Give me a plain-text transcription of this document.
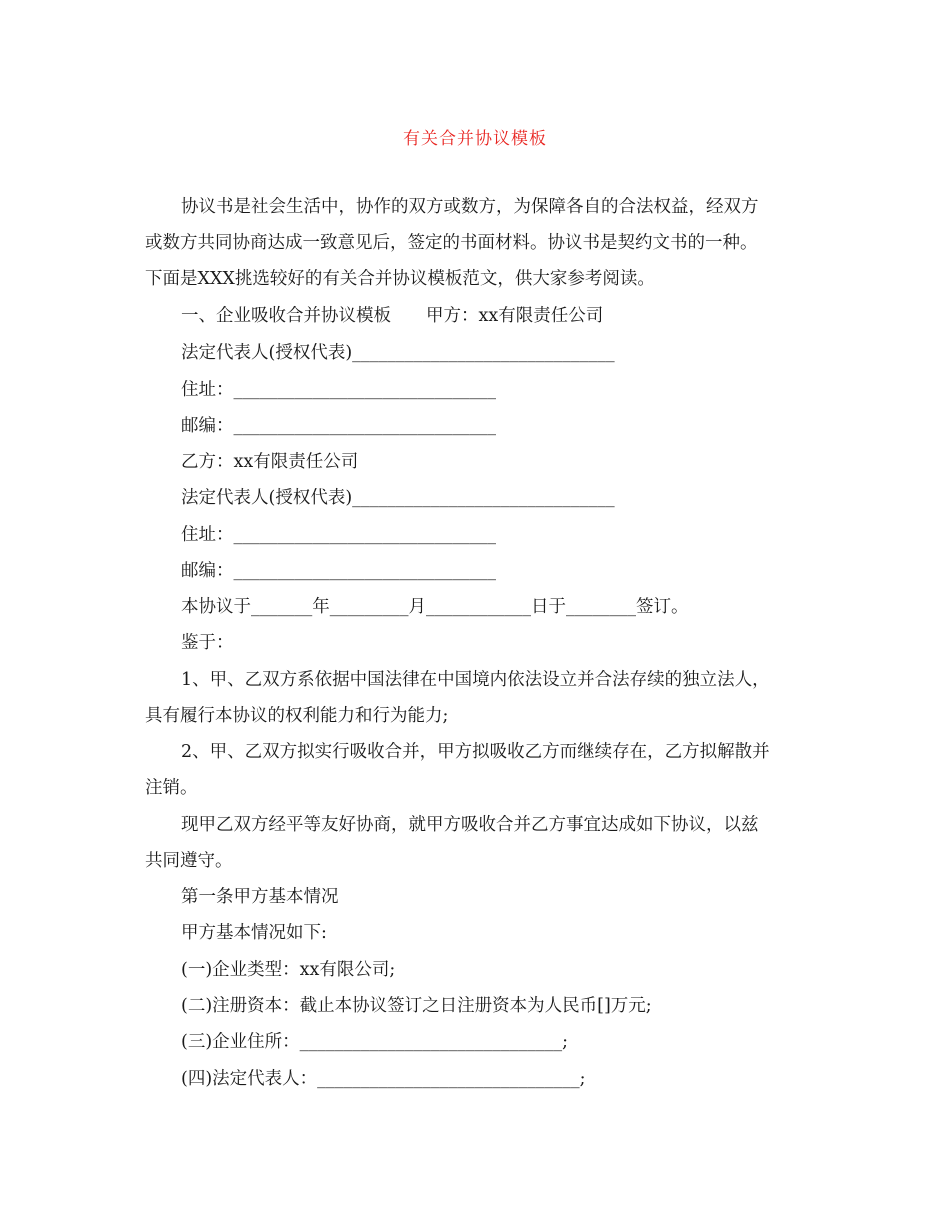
有关合并协议模板
协议书是社会生活中，协作的双方或数方，为保障各自的合法权益，经双方
或数方共同协商达成一致意见后，签定的书面材料。协议书是契约文书的一种。
下面是XXX挑选较好的有关合并协议模板范文，供大家参考阅读。
一、企业吸收合并协议模板　　甲方：xx有限责任公司
法定代表人(授权代表)______________________________
住址：______________________________
邮编：______________________________
乙方：xx有限责任公司
法定代表人(授权代表)______________________________
住址：______________________________
邮编：______________________________
本协议于_______年_________月____________日于________签订。
鉴于：
1、甲、乙双方系依据中国法律在中国境内依法设立并合法存续的独立法人，
具有履行本协议的权利能力和行为能力;
2、甲、乙双方拟实行吸收合并，甲方拟吸收乙方而继续存在，乙方拟解散并
注销。
现甲乙双方经平等友好协商，就甲方吸收合并乙方事宜达成如下协议，以兹
共同遵守。
第一条甲方基本情况
甲方基本情况如下:
(一)企业类型：xx有限公司;
(二)注册资本：截止本协议签订之日注册资本为人民币[]万元;
(三)企业住所：______________________________;
(四)法定代表人：______________________________;
